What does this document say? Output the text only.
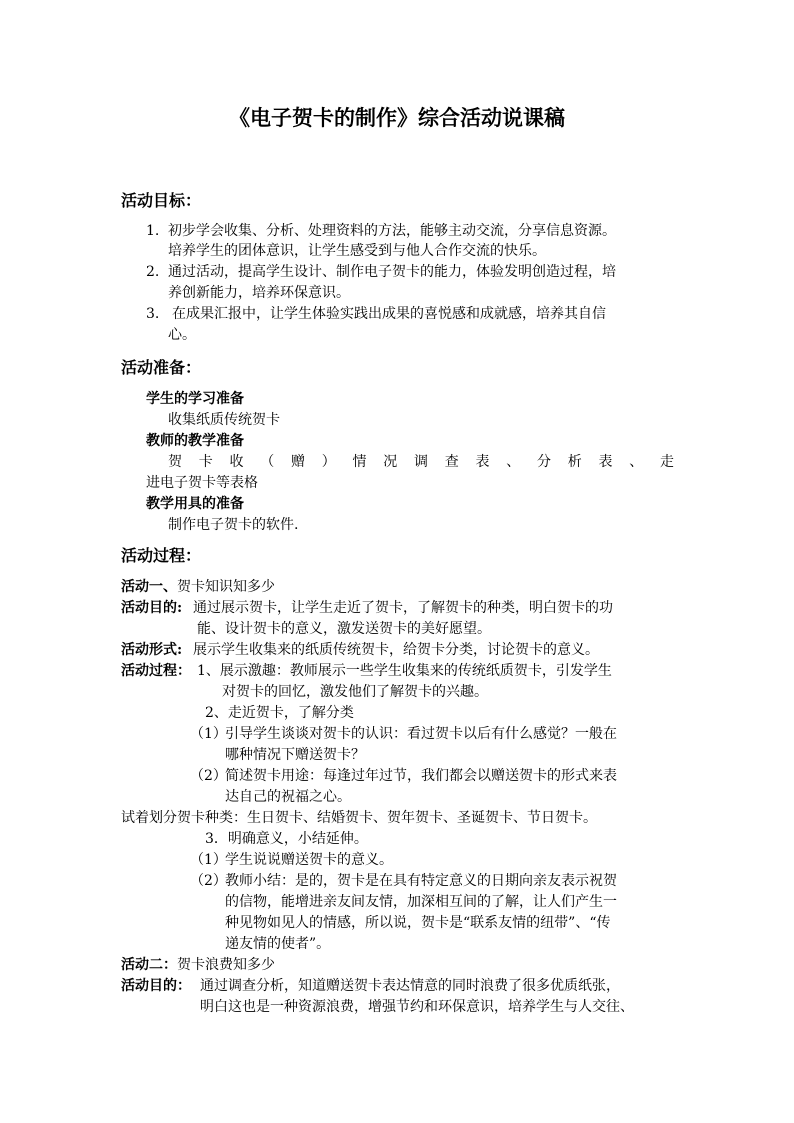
《电子贺卡的制作》综合活动说课稿
活动目标：
1. 初步学会收集、分析、处理资料的方法，能够主动交流，分享信息资源。
培养学生的团体意识，让学生感受到与他人合作交流的快乐。
2. 通过活动，提高学生设计、制作电子贺卡的能力，体验发明创造过程，培
养创新能力，培养环保意识。
3. 在成果汇报中，让学生体验实践出成果的喜悦感和成就感，培养其自信
心。
活动准备：
学生的学习准备
收集纸质传统贺卡
教师的教学准备
贺卡收（赠）情况调查表、分析表、走
进电子贺卡等表格
教学用具的准备
制作电子贺卡的软件.
活动过程：
活动一、贺卡知识知多少
活动目的: 通过展示贺卡，让学生走近了贺卡，了解贺卡的种类，明白贺卡的功
能、设计贺卡的意义，激发送贺卡的美好愿望。
活动形式: 展示学生收集来的纸质传统贺卡，给贺卡分类，讨论贺卡的意义。
活动过程： 1、展示激趣：教师展示一些学生收集来的传统纸质贺卡，引发学生
对贺卡的回忆，激发他们了解贺卡的兴趣。
2、走近贺卡，了解分类
（1）
引导学生谈谈对贺卡的认识：看过贺卡以后有什么感觉？一般在
哪种情况下赠送贺卡？
（2）
简述贺卡用途：每逢过年过节，我们都会以赠送贺卡的形式来表
达自己的祝福之心。
试着划分贺卡种类：生日贺卡、结婚贺卡、贺年贺卡、圣诞贺卡、节日贺卡。
3．明确意义，小结延伸。
（1）
学生说说赠送贺卡的意义。
（2）
教师小结：是的，贺卡是在具有特定意义的日期向亲友表示祝贺
的信物，能增进亲友间友情，加深相互间的了解，让人们产生一
种见物如见人的情感，所以说，贺卡是“联系友情的纽带”、“传
递友情的使者”。
活动二：贺卡浪费知多少
活动目的： 通过调查分析，知道赠送贺卡表达情意的同时浪费了很多优质纸张，
明白这也是一种资源浪费，增强节约和环保意识，培养学生与人交往、
